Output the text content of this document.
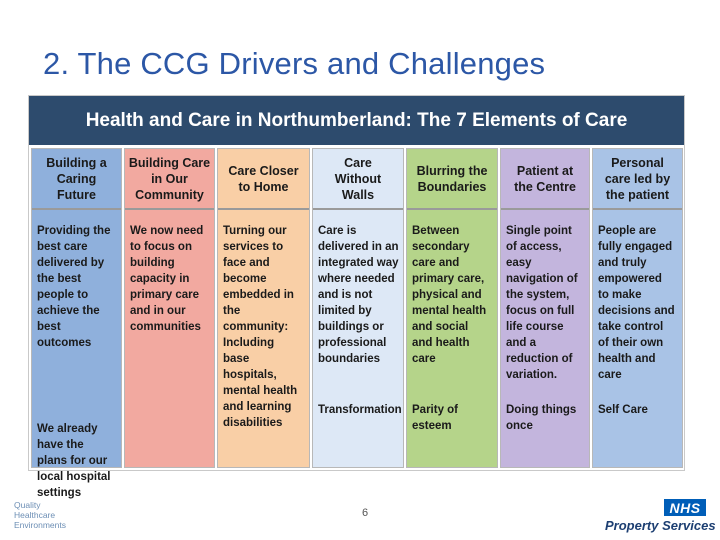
2. The CCG Drivers and Challenges
Health and Care in Northumberland: The 7 Elements of Care
Building a
Caring
Future
Providing the
best care
delivered by
the best
people to
achieve the
best
outcomes
We already
have the
plans for our
local hospital
settings
Building Care
in Our
Community
We now need
to focus on
building
capacity in
primary care
and in our
communities
Care Closer
to Home
Turning our
services to
face and
become
embedded in
the
community:
Including
base
hospitals,
mental health
and learning
disabilities
Care
Without
Walls
Care is
delivered in an
integrated way
where needed
and is not
limited by
buildings or
professional
boundaries
Transformation
Blurring the
Boundaries
Between
secondary
care and
primary care,
physical and
mental health
and social
and health
care
Parity of
esteem
Patient at
the Centre
Single point
of access,
easy
navigation of
the system,
focus on full
life course
and a
reduction of
variation.
Doing things
once
Personal
care led by
the patient
People are
fully engaged
and truly
empowered
to make
decisions and
take control
of their own
health and
care
Self Care
Quality
Healthcare
Environments
6	NHS
Property Services
